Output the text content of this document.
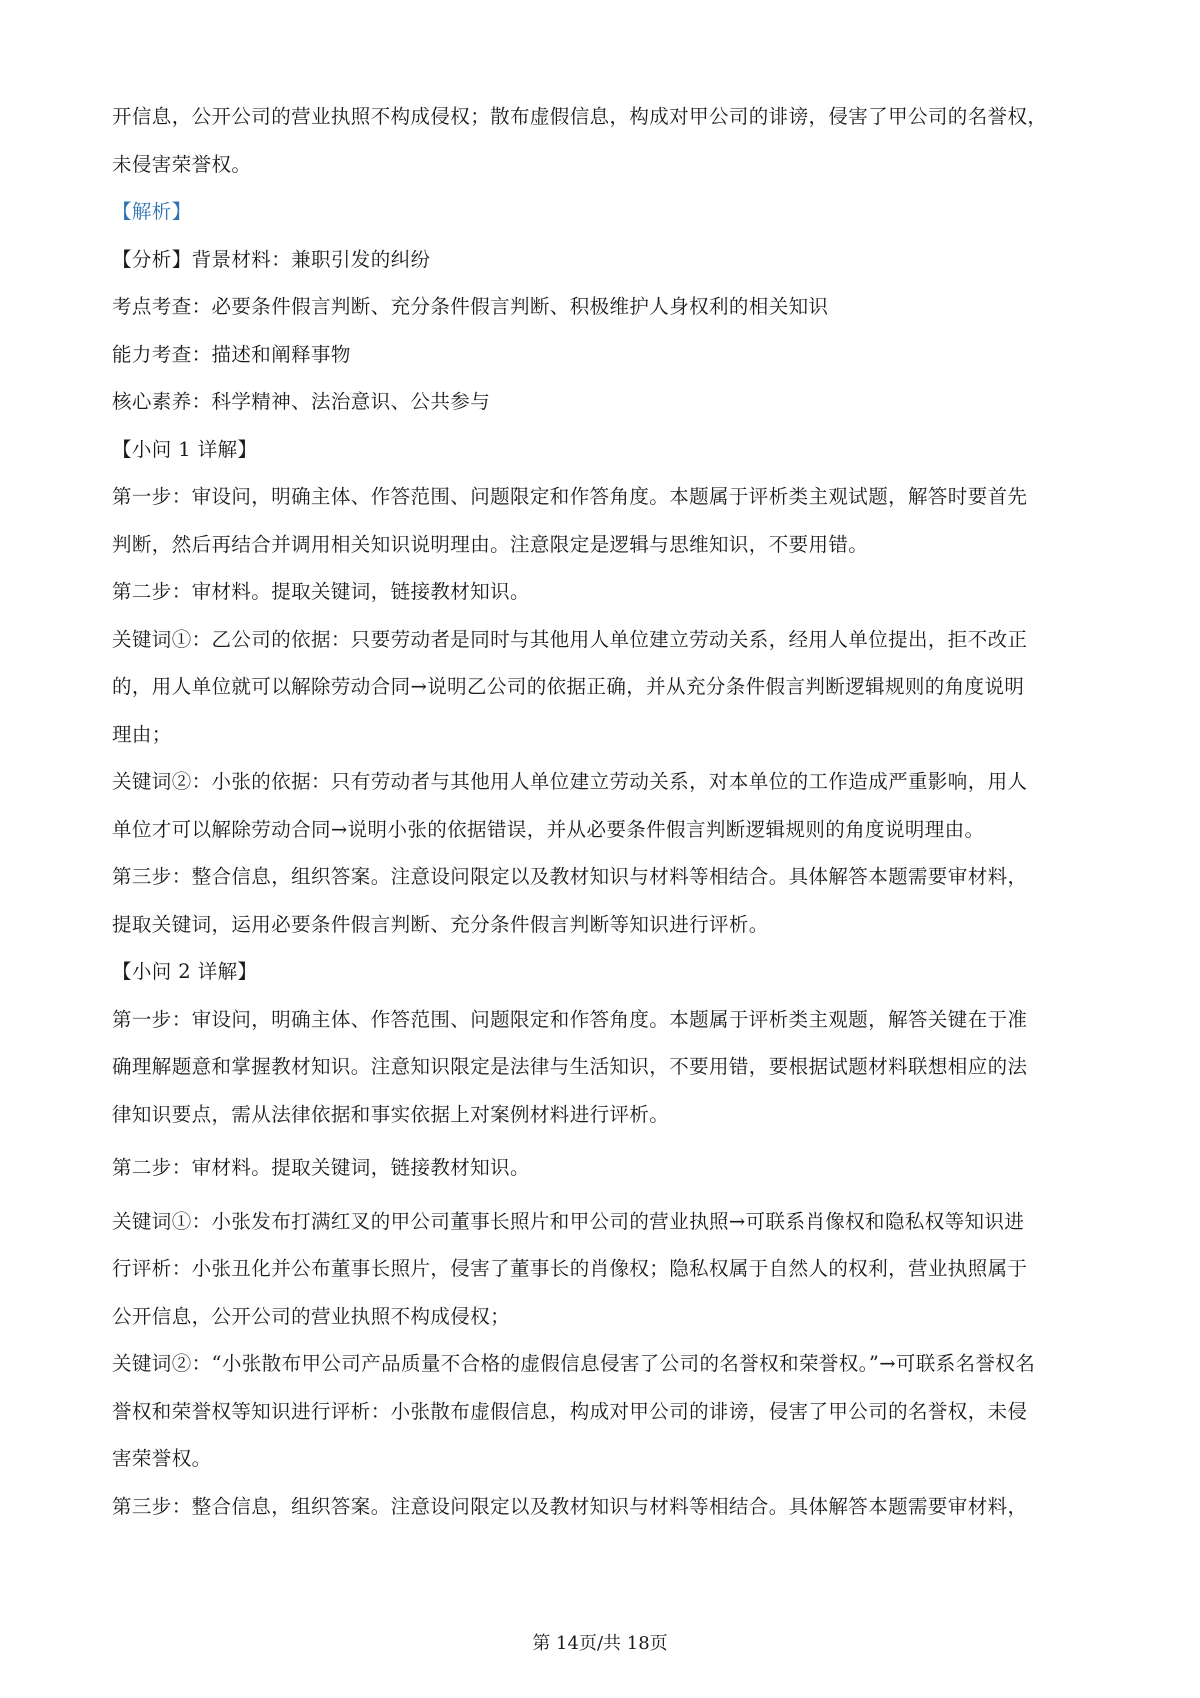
开信息，公开公司的营业执照不构成侵权；散布虚假信息，构成对甲公司的诽谤，侵害了甲公司的名誉权，
未侵害荣誉权。
【解析】
【分析】背景材料：兼职引发的纠纷
考点考查：必要条件假言判断、充分条件假言判断、积极维护人身权利的相关知识
能力考查：描述和阐释事物
核心素养：科学精神、法治意识、公共参与
【小问 1 详解】
第一步：审设问，明确主体、作答范围、问题限定和作答角度。本题属于评析类主观试题，解答时要首先
判断，然后再结合并调用相关知识说明理由。注意限定是逻辑与思维知识，不要用错。
第二步：审材料。提取关键词，链接教材知识。
关键词①：乙公司的依据：只要劳动者是同时与其他用人单位建立劳动关系，经用人单位提出，拒不改正
的，用人单位就可以解除劳动合同→说明乙公司的依据正确，并从充分条件假言判断逻辑规则的角度说明
理由；
关键词②：小张的依据：只有劳动者与其他用人单位建立劳动关系，对本单位的工作造成严重影响，用人
单位才可以解除劳动合同→说明小张的依据错误，并从必要条件假言判断逻辑规则的角度说明理由。
第三步：整合信息，组织答案。注意设问限定以及教材知识与材料等相结合。具体解答本题需要审材料，
提取关键词，运用必要条件假言判断、充分条件假言判断等知识进行评析。
【小问 2 详解】
第一步：审设问，明确主体、作答范围、问题限定和作答角度。本题属于评析类主观题，解答关键在于准
确理解题意和掌握教材知识。注意知识限定是法律与生活知识，不要用错，要根据试题材料联想相应的法
律知识要点，需从法律依据和事实依据上对案例材料进行评析。
第二步：审材料。提取关键词，链接教材知识。
关键词①：小张发布打满红叉的甲公司董事长照片和甲公司的营业执照→可联系肖像权和隐私权等知识进
行评析：小张丑化并公布董事长照片，侵害了董事长的肖像权；隐私权属于自然人的权利，营业执照属于
公开信息，公开公司的营业执照不构成侵权；
关键词②：“小张散布甲公司产品质量不合格的虚假信息侵害了公司的名誉权和荣誉权。”→可联系名誉权名
誉权和荣誉权等知识进行评析：小张散布虚假信息，构成对甲公司的诽谤，侵害了甲公司的名誉权，未侵
害荣誉权。
第三步：整合信息，组织答案。注意设问限定以及教材知识与材料等相结合。具体解答本题需要审材料，
第 14页/共 18页
